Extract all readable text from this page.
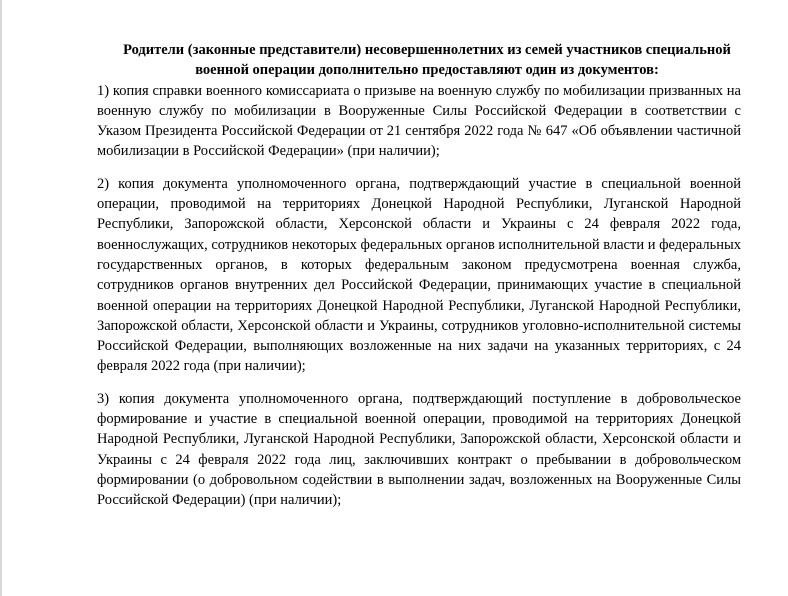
Родители (законные представители) несовершеннолетних из семей участников специальной военной операции дополнительно предоставляют один из документов:

1) копия справки военного комиссариата о призыве на военную службу по мобилизации призванных на военную службу по мобилизации в Вооруженные Силы Российской Федерации в соответствии с Указом Президента Российской Федерации от 21 сентября 2022 года № 647 «Об объявлении частичной мобилизации в Российской Федерации» (при наличии);

2) копия документа уполномоченного органа, подтверждающий участие в специальной военной операции, проводимой на территориях Донецкой Народной Республики, Луганской Народной Республики, Запорожской области, Херсонской области и Украины с 24 февраля 2022 года, военнослужащих, сотрудников некоторых федеральных органов исполнительной власти и федеральных государственных органов, в которых федеральным законом предусмотрена военная служба, сотрудников органов внутренних дел Российской Федерации, принимающих участие в специальной военной операции на территориях Донецкой Народной Республики, Луганской Народной Республики, Запорожской области, Херсонской области и Украины, сотрудников уголовно-исполнительной системы Российской Федерации, выполняющих возложенные на них задачи на указанных территориях, с 24 февраля 2022 года (при наличии);

3) копия документа уполномоченного органа, подтверждающий поступление в добровольческое формирование и участие в специальной военной операции, проводимой на территориях Донецкой Народной Республики, Луганской Народной Республики, Запорожской области, Херсонской области и Украины с 24 февраля 2022 года лиц, заключивших контракт о пребывании в добровольческом формировании (о добровольном содействии в выполнении задач, возложенных на Вооруженные Силы Российской Федерации) (при наличии);
